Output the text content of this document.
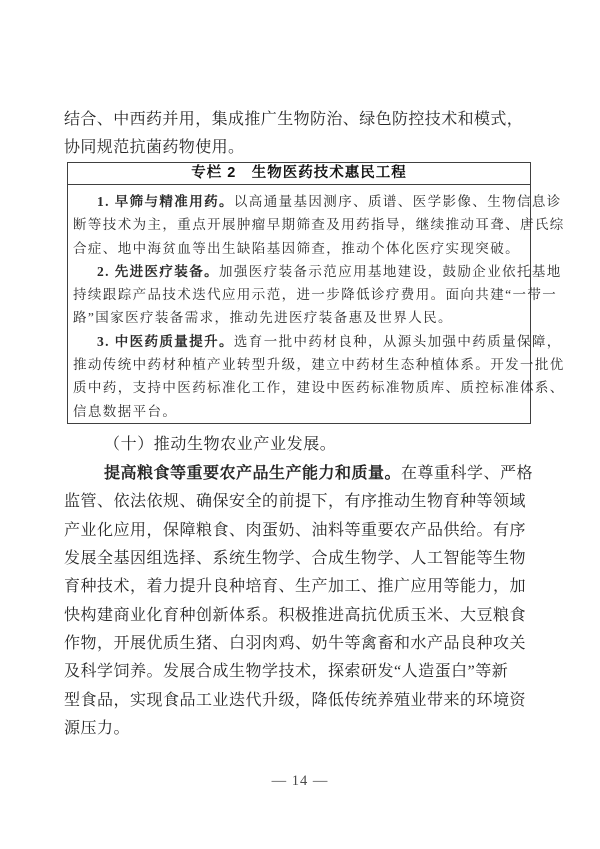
结合、中西药并用，集成推广生物防治、绿色防控技术和模式，
协同规范抗菌药物使用。
专栏 2　生物医药技术惠民工程
1. 早筛与精准用药。以高通量基因测序、质谱、医学影像、生物信息诊
断等技术为主，重点开展肿瘤早期筛查及用药指导，继续推动耳聋、唐氏综
合症、地中海贫血等出生缺陷基因筛查，推动个体化医疗实现突破。
2. 先进医疗装备。加强医疗装备示范应用基地建设，鼓励企业依托基地
持续跟踪产品技术迭代应用示范，进一步降低诊疗费用。面向共建“一带一
路”国家医疗装备需求，推动先进医疗装备惠及世界人民。
3. 中医药质量提升。选育一批中药材良种，从源头加强中药质量保障，
推动传统中药材种植产业转型升级，建立中药材生态种植体系。开发一批优
质中药，支持中医药标准化工作，建设中医药标准物质库、质控标准体系、
信息数据平台。
（十）推动生物农业产业发展。
提高粮食等重要农产品生产能力和质量。在尊重科学、严格
监管、依法依规、确保安全的前提下，有序推动生物育种等领域
产业化应用，保障粮食、肉蛋奶、油料等重要农产品供给。有序
发展全基因组选择、系统生物学、合成生物学、人工智能等生物
育种技术，着力提升良种培育、生产加工、推广应用等能力，加
快构建商业化育种创新体系。积极推进高抗优质玉米、大豆粮食
作物，开展优质生猪、白羽肉鸡、奶牛等禽畜和水产品良种攻关
及科学饲养。发展合成生物学技术，探索研发“人造蛋白”等新
型食品，实现食品工业迭代升级，降低传统养殖业带来的环境资
源压力。
— 14 —
